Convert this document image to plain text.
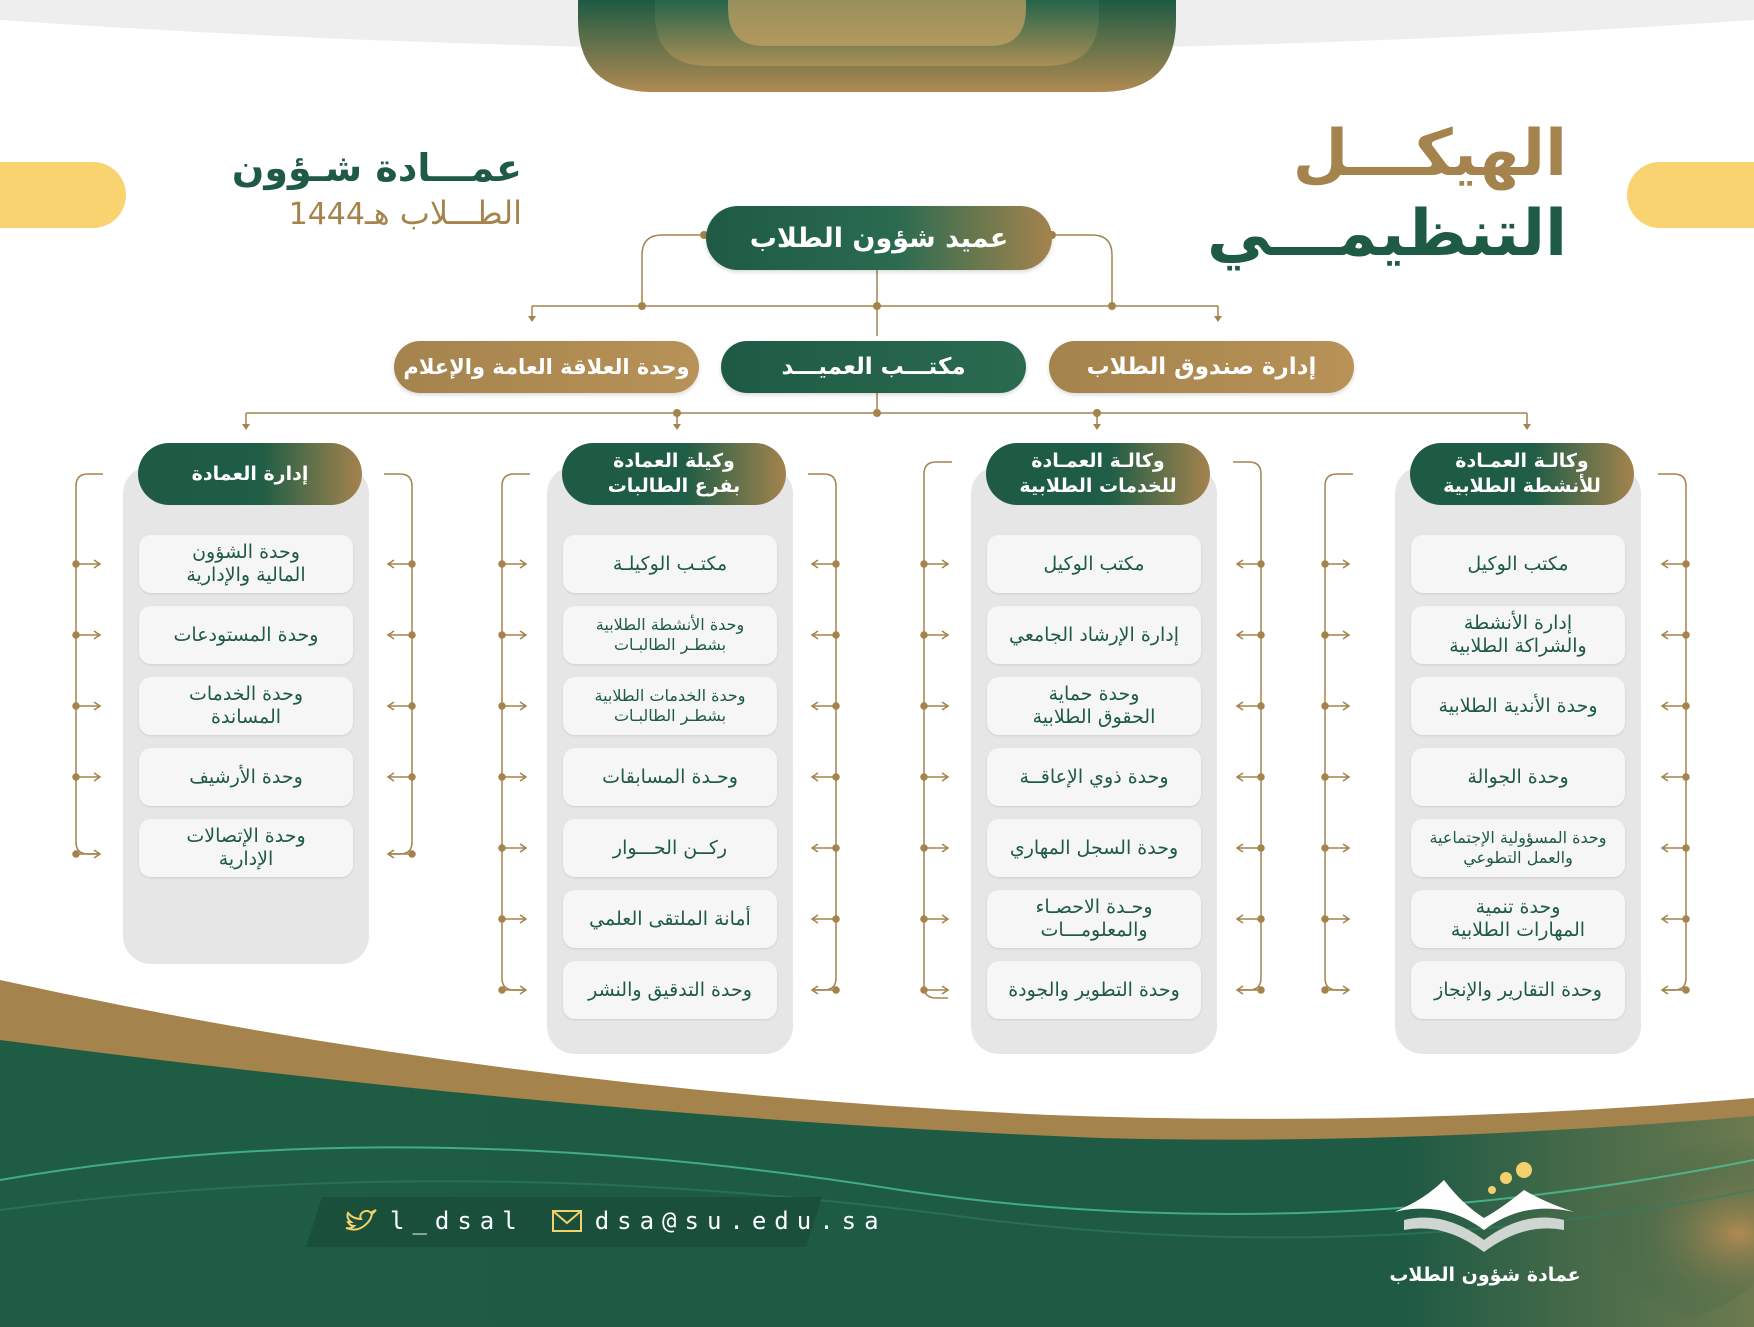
الهيكـــل
التنظيمـــي
عمـــادة شـؤون
الطـــلاب 1444هـ
عميد شؤون الطلاب
مكتـــب العميـــد	إدارة صندوق الطلاب
وحدة العلاقة العامة والإعلام
وكالـة العمـادة
للأنشطة الطلابية
مكتب الوكيل
إدارة الأنشطة
والشراكة الطلابية
وحدة الأندية الطلابية
وحدة الجوالة
وحدة المسؤولية الإجتماعية
والعمل التطوعي
وحدة تنمية
المهارات الطلابية
وحدة التقارير والإنجاز
وكالـة العمـادة
للخدمات الطلابية
مكتب الوكيل
إدارة الإرشاد الجامعي
وحدة حماية
الحقوق الطلابية
وحدة ذوي الإعاقــة
وحدة السجل المهاري
وحـدة الاحصـاء
والمعلومـــات
وحدة التطوير والجودة
وكيلة العمادة
بفرع الطالبات
مكتـب الوكيلـة
وحدة الأنشطة الطلابية
بشطـر الطالبـات
وحدة الخدمات الطلابية
بشطـر الطالبـات
وحـدة المسابقات
ركــن الحـــوار
أمانة الملتقى العلمي
وحدة التدقيق والنشر
إدارة العمادة
وحدة الشؤون
المالية والإدارية
وحدة المستودعات
وحدة الخدمات
المساندة
وحدة الأرشيف
وحدة الإتصالات
الإدارية
l_dsal	dsa@su.edu.sa
عمادة شؤون الطلاب
